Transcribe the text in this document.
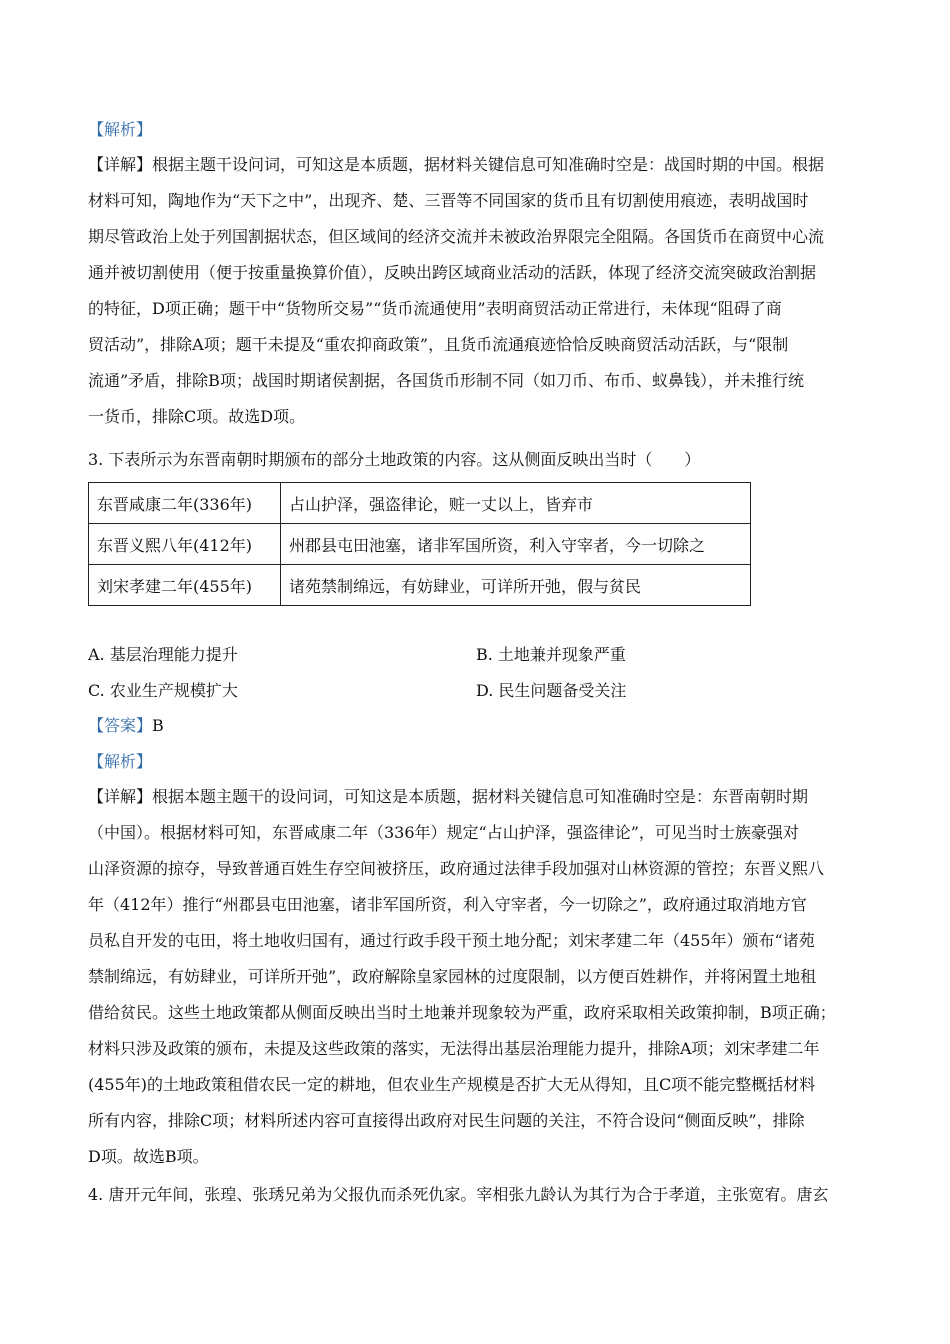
【解析】
【详解】根据主题干设问词，可知这是本质题，据材料关键信息可知准确时空是：战国时期的中国。根据
材料可知，陶地作为“天下之中”，出现齐、楚、三晋等不同国家的货币且有切割使用痕迹，表明战国时
期尽管政治上处于列国割据状态，但区域间的经济交流并未被政治界限完全阻隔。各国货币在商贸中心流
通并被切割使用（便于按重量换算价值），反映出跨区域商业活动的活跃，体现了经济交流突破政治割据
的特征，D项正确；题干中“货物所交易”“货币流通使用”表明商贸活动正常进行，未体现“阻碍了商
贸活动”，排除A项；题干未提及“重农抑商政策”，且货币流通痕迹恰恰反映商贸活动活跃，与“限制
流通”矛盾，排除B项；战国时期诸侯割据，各国货币形制不同（如刀币、布币、蚁鼻钱），并未推行统
一货币，排除C项。故选D项。
3. 下表所示为东晋南朝时期颁布的部分土地政策的内容。这从侧面反映出当时（　　）
东晋咸康二年(336年)	占山护泽，强盗律论，赃一丈以上，皆弃市
东晋义熙八年(412年)	州郡县屯田池塞，诸非军国所资，利入守宰者，今一切除之
刘宋孝建二年(455年)	诸苑禁制绵远，有妨肆业，可详所开弛，假与贫民
A. 基层治理能力提升	B. 土地兼并现象严重
C. 农业生产规模扩大	D. 民生问题备受关注
【答案】B
【解析】
【详解】根据本题主题干的设问词，可知这是本质题，据材料关键信息可知准确时空是：东晋南朝时期
（中国）。根据材料可知，东晋咸康二年（336年）规定“占山护泽，强盗律论”，可见当时士族豪强对
山泽资源的掠夺，导致普通百姓生存空间被挤压，政府通过法律手段加强对山林资源的管控；东晋义熙八
年（412年）推行“州郡县屯田池塞，诸非军国所资，利入守宰者，今一切除之”，政府通过取消地方官
员私自开发的屯田，将土地收归国有，通过行政手段干预土地分配；刘宋孝建二年（455年）颁布“诸苑
禁制绵远，有妨肆业，可详所开弛”，政府解除皇家园林的过度限制，以方便百姓耕作，并将闲置土地租
借给贫民。这些土地政策都从侧面反映出当时土地兼并现象较为严重，政府采取相关政策抑制，B项正确；
材料只涉及政策的颁布，未提及这些政策的落实，无法得出基层治理能力提升，排除A项；刘宋孝建二年
(455年)的土地政策租借农民一定的耕地，但农业生产规模是否扩大无从得知，且C项不能完整概括材料
所有内容，排除C项；材料所述内容可直接得出政府对民生问题的关注，不符合设问“侧面反映”，排除
D项。故选B项。
4. 唐开元年间，张瑝、张琇兄弟为父报仇而杀死仇家。宰相张九龄认为其行为合于孝道，主张宽宥。唐玄
